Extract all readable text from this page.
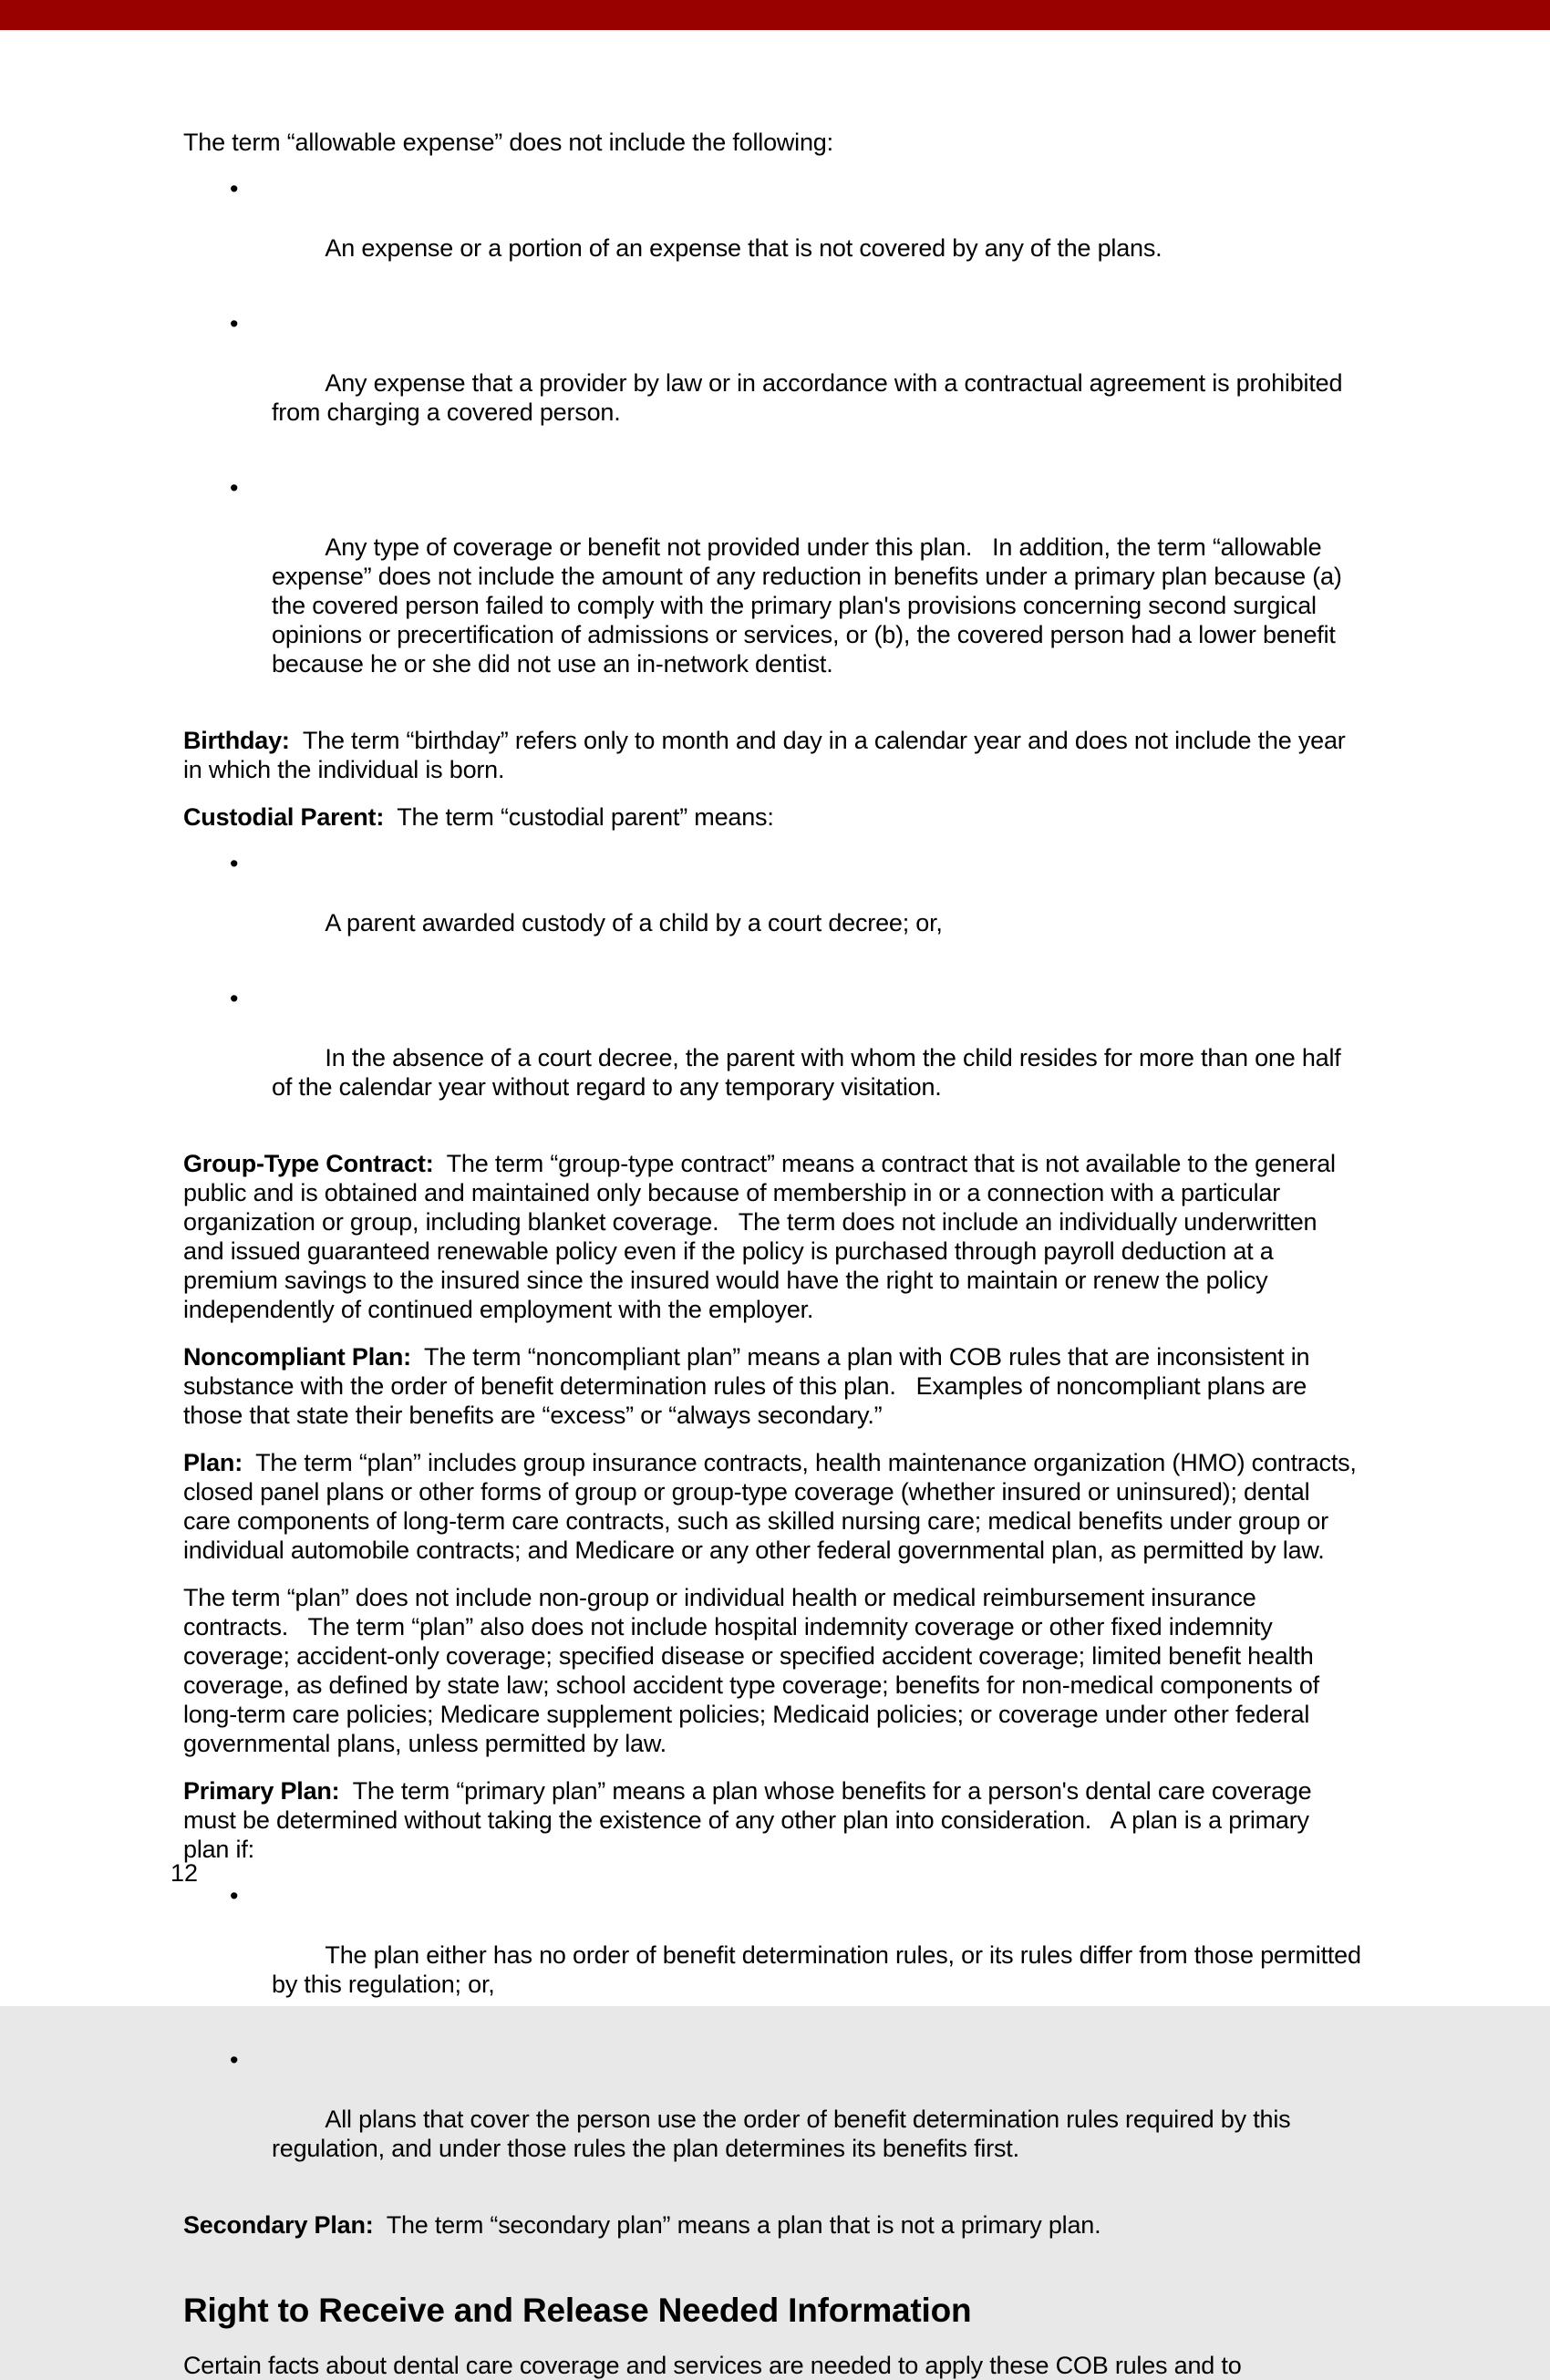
The term “allowable expense” does not include the following:

•

An expense or a portion of an expense that is not covered by any of the plans.

•

Any expense that a provider by law or in accordance with a contractual agreement is prohibited from charging a covered person.

•

Any type of coverage or benefit not provided under this plan.   In addition, the term “allowable expense” does not include the amount of any reduction in benefits under a primary plan because (a) the covered person failed to comply with the primary plan's provisions concerning second surgical opinions or precertification of admissions or services, or (b), the covered person had a lower benefit because he or she did not use an in-network dentist.

Birthday:  The term “birthday” refers only to month and day in a calendar year and does not include the year in which the individual is born.

Custodial Parent:  The term “custodial parent” means:

•

A parent awarded custody of a child by a court decree; or,

•

In the absence of a court decree, the parent with whom the child resides for more than one half of the calendar year without regard to any temporary visitation.

Group-Type Contract:  The term “group-type contract” means a contract that is not available to the general public and is obtained and maintained only because of membership in or a connection with a particular organization or group, including blanket coverage.   The term does not include an individually underwritten and issued guaranteed renewable policy even if the policy is purchased through payroll deduction at a premium savings to the insured since the insured would have the right to maintain or renew the policy independently of continued employment with the employer.

Noncompliant Plan:  The term “noncompliant plan” means a plan with COB rules that are inconsistent in substance with the order of benefit determination rules of this plan.   Examples of noncompliant plans are those that state their benefits are “excess” or “always secondary.”

Plan:  The term “plan” includes group insurance contracts, health maintenance organization (HMO) contracts, closed panel plans or other forms of group or group-type coverage (whether insured or uninsured); dental care components of long-term care contracts, such as skilled nursing care; medical benefits under group or individual automobile contracts; and Medicare or any other federal governmental plan, as permitted by law.

The term “plan” does not include non-group or individual health or medical reimbursement insurance contracts.   The term “plan” also does not include hospital indemnity coverage or other fixed indemnity coverage; accident-only coverage; specified disease or specified accident coverage; limited benefit health coverage, as defined by state law; school accident type coverage; benefits for non-medical components of long-term care policies; Medicare supplement policies; Medicaid policies; or coverage under other federal governmental plans, unless permitted by law.

Primary Plan:  The term “primary plan” means a plan whose benefits for a person's dental care coverage must be determined without taking the existence of any other plan into consideration.   A plan is a primary plan if:

•

The plan either has no order of benefit determination rules, or its rules differ from those permitted by this regulation; or,

•

All plans that cover the person use the order of benefit determination rules required by this regulation, and under those rules the plan determines its benefits first.

Secondary Plan:  The term “secondary plan” means a plan that is not a primary plan.

Right to Receive and Release Needed Information

Certain facts about dental care coverage and services are needed to apply these COB rules and to

12
